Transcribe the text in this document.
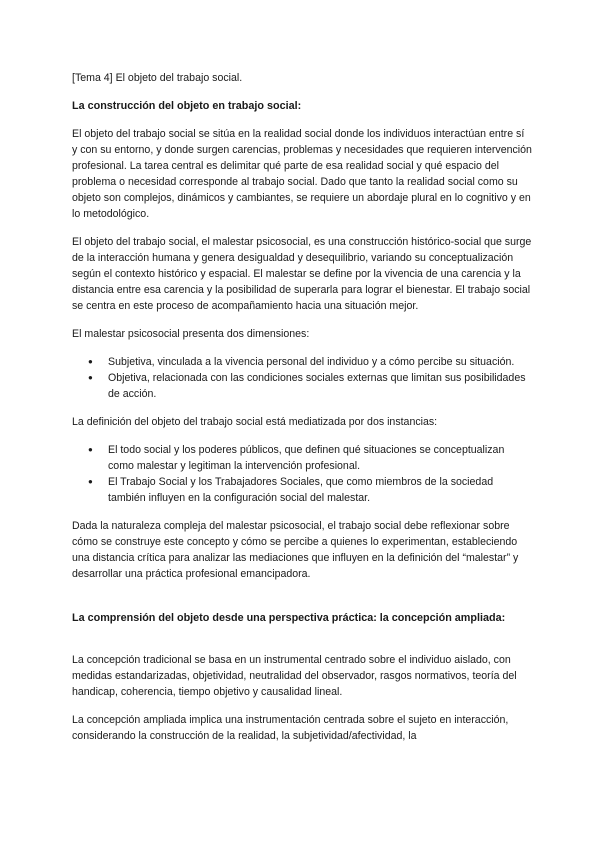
[Tema 4] El objeto del trabajo social.

La construcción del objeto en trabajo social:

El objeto del trabajo social se sitúa en la realidad social donde los individuos interactúan entre sí y con su entorno, y donde surgen carencias, problemas y necesidades que requieren intervención profesional. La tarea central es delimitar qué parte de esa realidad social y qué espacio del problema o necesidad corresponde al trabajo social. Dado que tanto la realidad social como su objeto son complejos, dinámicos y cambiantes, se requiere un abordaje plural en lo cognitivo y en lo metodológico.

El objeto del trabajo social, el malestar psicosocial, es una construcción histórico-social que surge de la interacción humana y genera desigualdad y desequilibrio, variando su conceptualización según el contexto histórico y espacial. El malestar se define por la vivencia de una carencia y la distancia entre esa carencia y la posibilidad de superarla para lograr el bienestar. El trabajo social se centra en este proceso de acompañamiento hacia una situación mejor.

El malestar psicosocial presenta dos dimensiones:

● Subjetiva, vinculada a la vivencia personal del individuo y a cómo percibe su situación.
● Objetiva, relacionada con las condiciones sociales externas que limitan sus posibilidades de acción.

La definición del objeto del trabajo social está mediatizada por dos instancias:

● El todo social y los poderes públicos, que definen qué situaciones se conceptualizan como malestar y legitiman la intervención profesional.
● El Trabajo Social y los Trabajadores Sociales, que como miembros de la sociedad también influyen en la configuración social del malestar.

Dada la naturaleza compleja del malestar psicosocial, el trabajo social debe reflexionar sobre cómo se construye este concepto y cómo se percibe a quienes lo experimentan, estableciendo una distancia crítica para analizar las mediaciones que influyen en la definición del “malestar” y desarrollar una práctica profesional emancipadora.

La comprensión del objeto desde una perspectiva práctica: la concepción ampliada:

La concepción tradicional se basa en un instrumental centrado sobre el individuo aislado, con medidas estandarizadas, objetividad, neutralidad del observador, rasgos normativos, teoría del handicap, coherencia, tiempo objetivo y causalidad lineal.

La concepción ampliada implica una instrumentación centrada sobre el sujeto en interacción, considerando la construcción de la realidad, la subjetividad/afectividad, la
